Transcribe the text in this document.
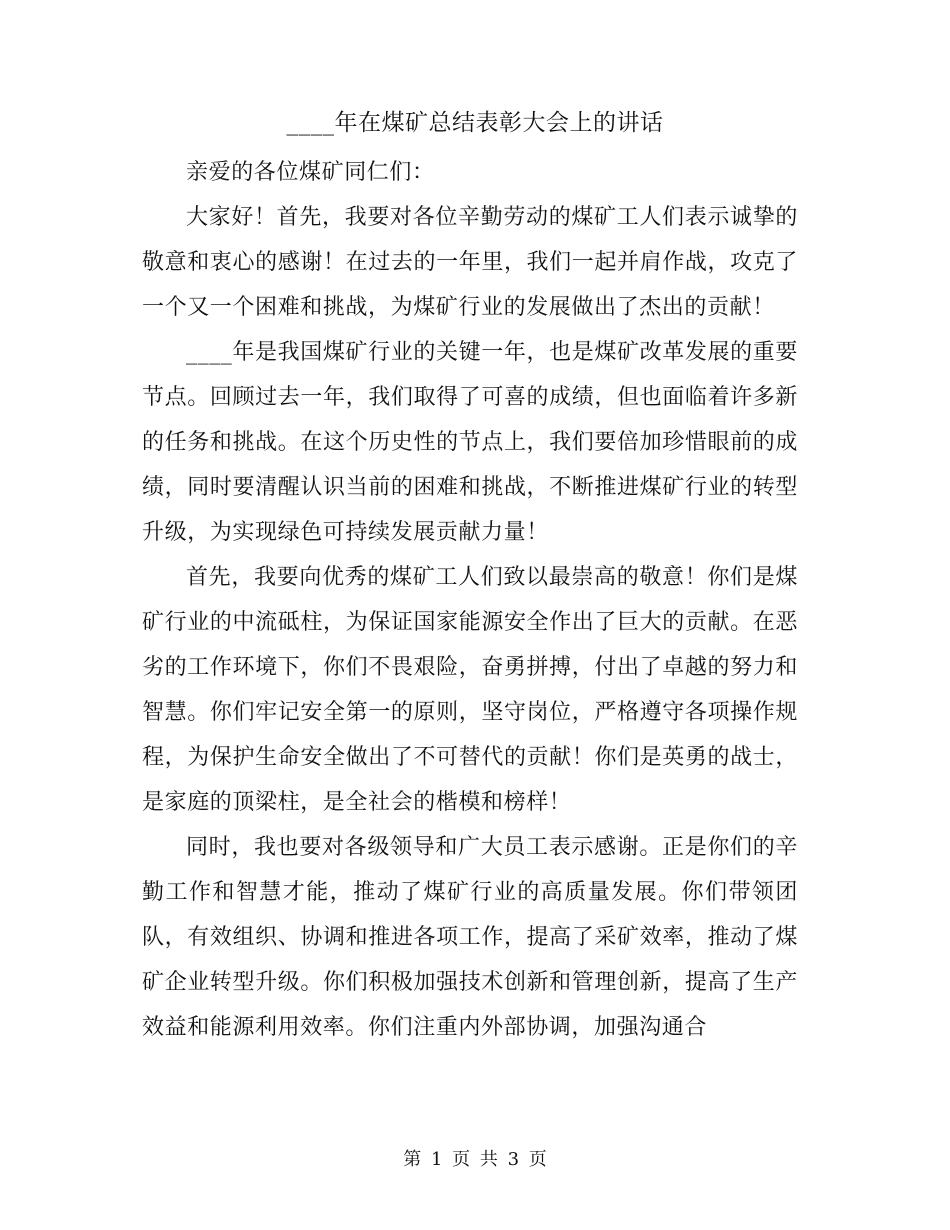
____年在煤矿总结表彰大会上的讲话

亲爱的各位煤矿同仁们：

大家好！首先，我要对各位辛勤劳动的煤矿工人们表示诚挚的敬意和衷心的感谢！在过去的一年里，我们一起并肩作战，攻克了一个又一个困难和挑战，为煤矿行业的发展做出了杰出的贡献！

____年是我国煤矿行业的关键一年，也是煤矿改革发展的重要节点。回顾过去一年，我们取得了可喜的成绩，但也面临着许多新的任务和挑战。在这个历史性的节点上，我们要倍加珍惜眼前的成绩，同时要清醒认识当前的困难和挑战，不断推进煤矿行业的转型升级，为实现绿色可持续发展贡献力量！

首先，我要向优秀的煤矿工人们致以最崇高的敬意！你们是煤矿行业的中流砥柱，为保证国家能源安全作出了巨大的贡献。在恶劣的工作环境下，你们不畏艰险，奋勇拼搏，付出了卓越的努力和智慧。你们牢记安全第一的原则，坚守岗位，严格遵守各项操作规程，为保护生命安全做出了不可替代的贡献！你们是英勇的战士，是家庭的顶梁柱，是全社会的楷模和榜样！

同时，我也要对各级领导和广大员工表示感谢。正是你们的辛勤工作和智慧才能，推动了煤矿行业的高质量发展。你们带领团队，有效组织、协调和推进各项工作，提高了采矿效率，推动了煤矿企业转型升级。你们积极加强技术创新和管理创新，提高了生产效益和能源利用效率。你们注重内外部协调，加强沟通合

第 1 页 共 3 页
